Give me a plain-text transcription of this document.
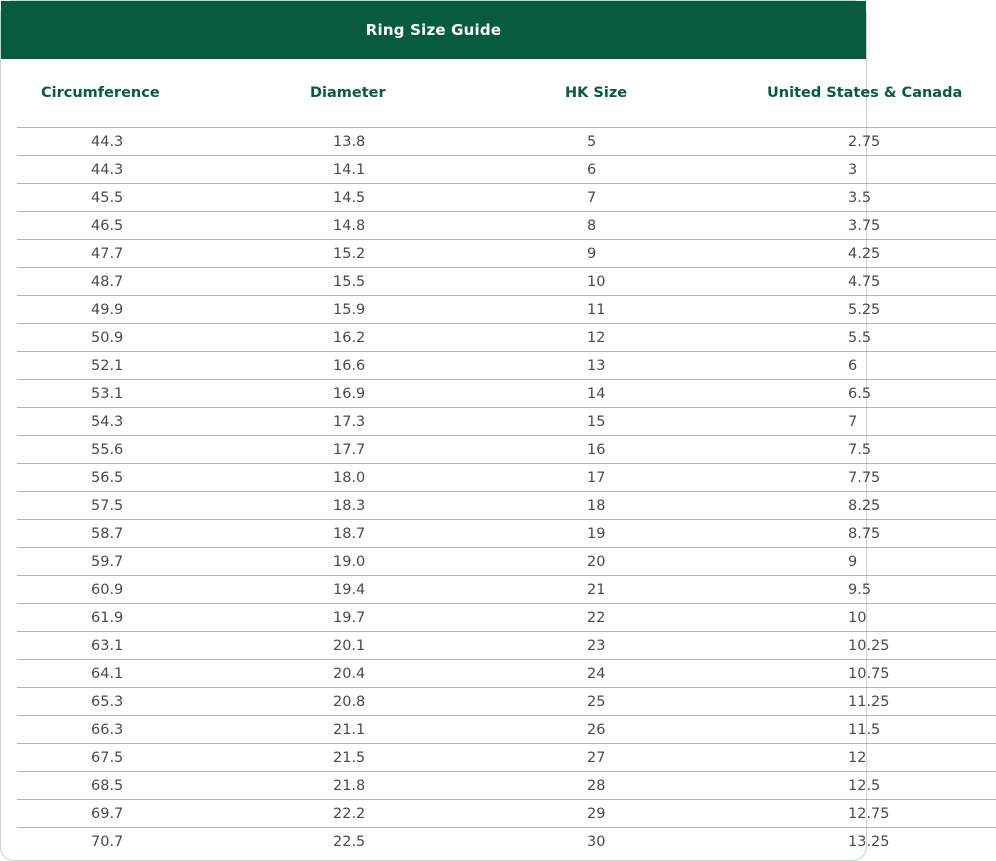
Ring Size Guide
Circumference	Diameter	HK Size	United States & Canada
44.3	13.8	5	2.75
44.3	14.1	6	3
45.5	14.5	7	3.5
46.5	14.8	8	3.75
47.7	15.2	9	4.25
48.7	15.5	10	4.75
49.9	15.9	11	5.25
50.9	16.2	12	5.5
52.1	16.6	13	6
53.1	16.9	14	6.5
54.3	17.3	15	7
55.6	17.7	16	7.5
56.5	18.0	17	7.75
57.5	18.3	18	8.25
58.7	18.7	19	8.75
59.7	19.0	20	9
60.9	19.4	21	9.5
61.9	19.7	22	10
63.1	20.1	23	10.25
64.1	20.4	24	10.75
65.3	20.8	25	11.25
66.3	21.1	26	11.5
67.5	21.5	27	12
68.5	21.8	28	12.5
69.7	22.2	29	12.75
70.7	22.5	30	13.25
